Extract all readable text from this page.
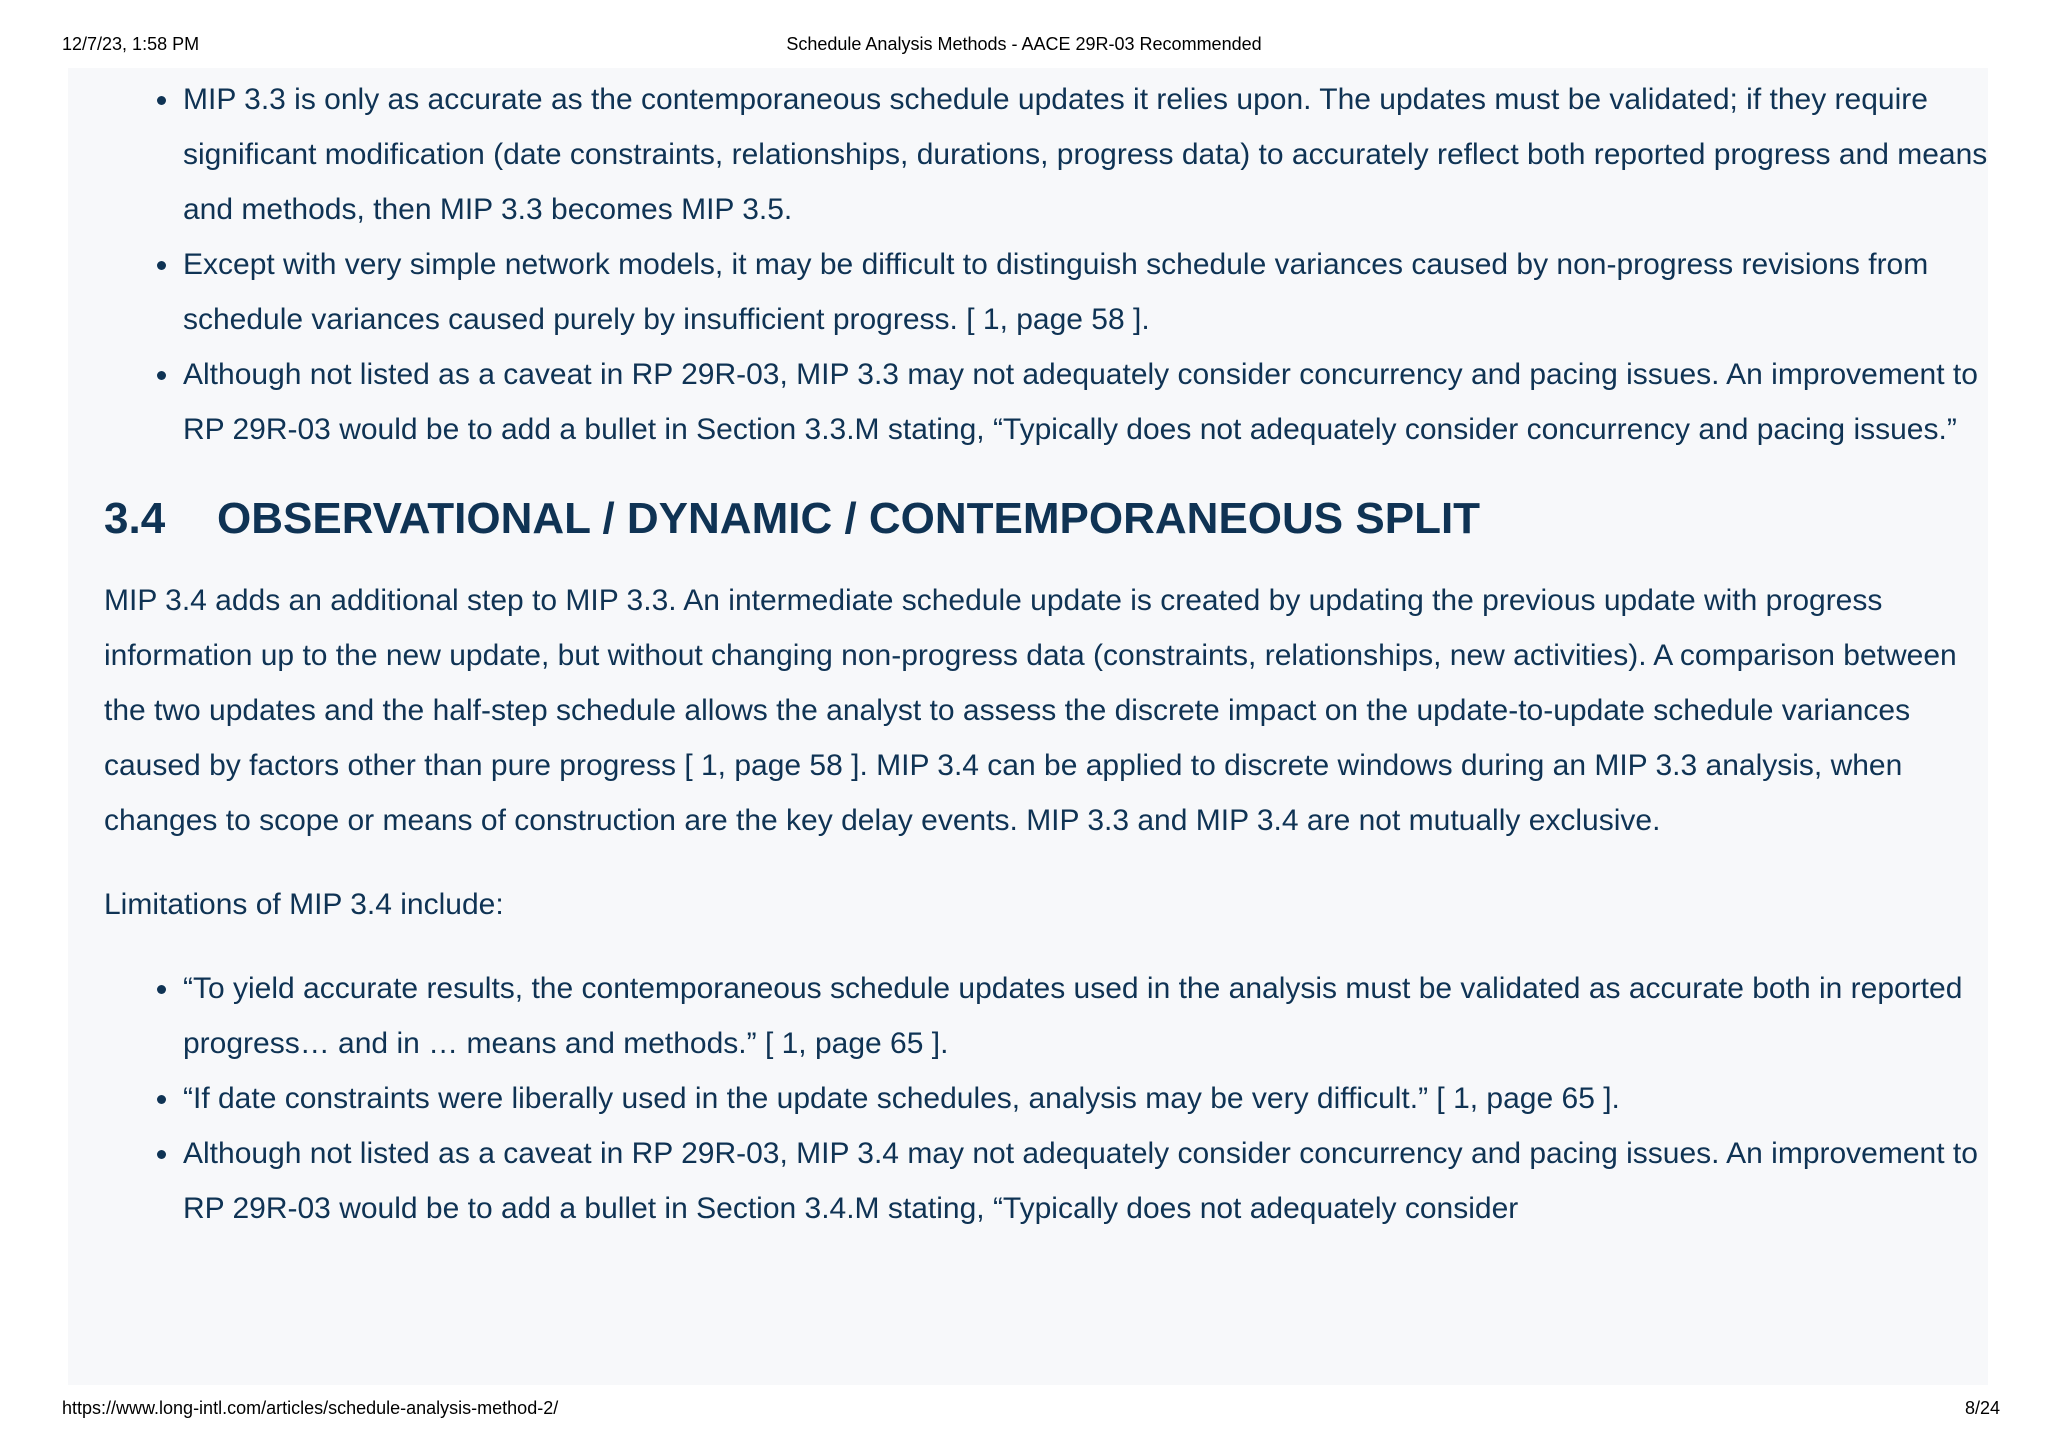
12/7/23, 1:58 PM	Schedule Analysis Methods - AACE 29R-03 Recommended
• MIP 3.3 is only as accurate as the contemporaneous schedule updates it relies upon. The updates must be validated; if they require significant modification (date constraints, relationships, durations, progress data) to accurately reflect both reported progress and means and methods, then MIP 3.3 becomes MIP 3.5.
• Except with very simple network models, it may be difficult to distinguish schedule variances caused by non-progress revisions from schedule variances caused purely by insufficient progress. [ 1, page 58 ].
• Although not listed as a caveat in RP 29R-03, MIP 3.3 may not adequately consider concurrency and pacing issues. An improvement to RP 29R-03 would be to add a bullet in Section 3.3.M stating, “Typically does not adequately consider concurrency and pacing issues.”
3.4 OBSERVATIONAL / DYNAMIC / CONTEMPORANEOUS SPLIT

MIP 3.4 adds an additional step to MIP 3.3. An intermediate schedule update is created by updating the previous update with progress information up to the new update, but without changing non-progress data (constraints, relationships, new activities). A comparison between the two updates and the half-step schedule allows the analyst to assess the discrete impact on the update-to-update schedule variances caused by factors other than pure progress [ 1, page 58 ]. MIP 3.4 can be applied to discrete windows during an MIP 3.3 analysis, when changes to scope or means of construction are the key delay events. MIP 3.3 and MIP 3.4 are not mutually exclusive.

Limitations of MIP 3.4 include:

• “To yield accurate results, the contemporaneous schedule updates used in the analysis must be validated as accurate both in reported progress… and in … means and methods.” [ 1, page 65 ].
• “If date constraints were liberally used in the update schedules, analysis may be very difficult.” [ 1, page 65 ].
• Although not listed as a caveat in RP 29R-03, MIP 3.4 may not adequately consider concurrency and pacing issues. An improvement to RP 29R-03 would be to add a bullet in Section 3.4.M stating, “Typically does not adequately consider
https://www.long-intl.com/articles/schedule-analysis-method-2/	8/24
